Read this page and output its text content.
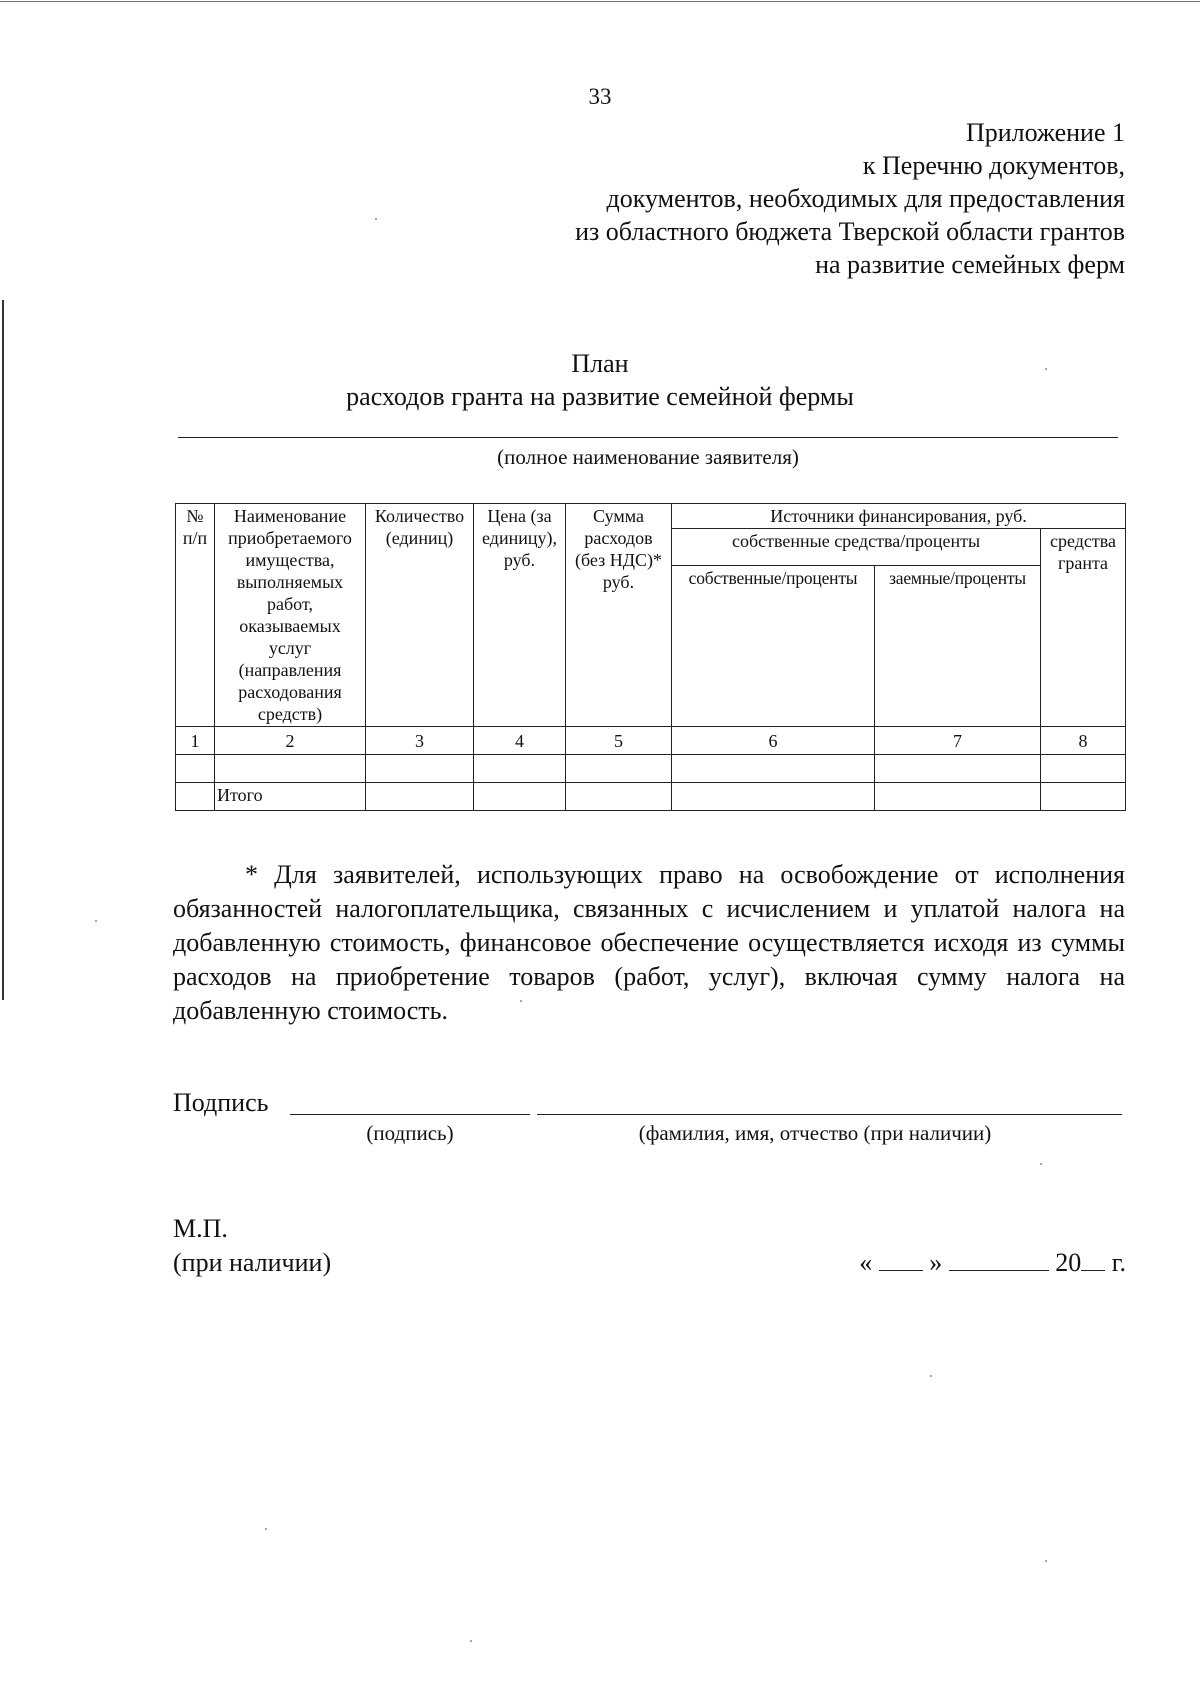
33
Приложение 1
к Перечню документов,
документов, необходимых для предоставления
из областного бюджета Тверской области грантов
на развитие семейных ферм
План
расходов гранта на развитие семейной фермы
(полное наименование заявителя)
№ п/п	Наименование приобретаемого имущества, выполняемых работ, оказываемых услуг (направления расходования средств)	Количество (единиц)	Цена (за единицу), руб.	Сумма расходов (без НДС)* руб.	Источники финансирования, руб.		
					собственные средства/проценты		средства гранта
					собственные/проценты	заемные/проценты	
1	2	3	4	5	6	7	8

	Итого						

* Для заявителей, использующих право на освобождение от исполнения обязанностей налогоплательщика, связанных с исчислением и уплатой налога на добавленную стоимость, финансовое обеспечение осуществляется исходя из суммы расходов на приобретение товаров (работ, услуг), включая сумму налога на добавленную стоимость.

Подпись
(подпись)	(фамилия, имя, отчество (при наличии)
М.П.
(при наличии)	« »	20 г.
